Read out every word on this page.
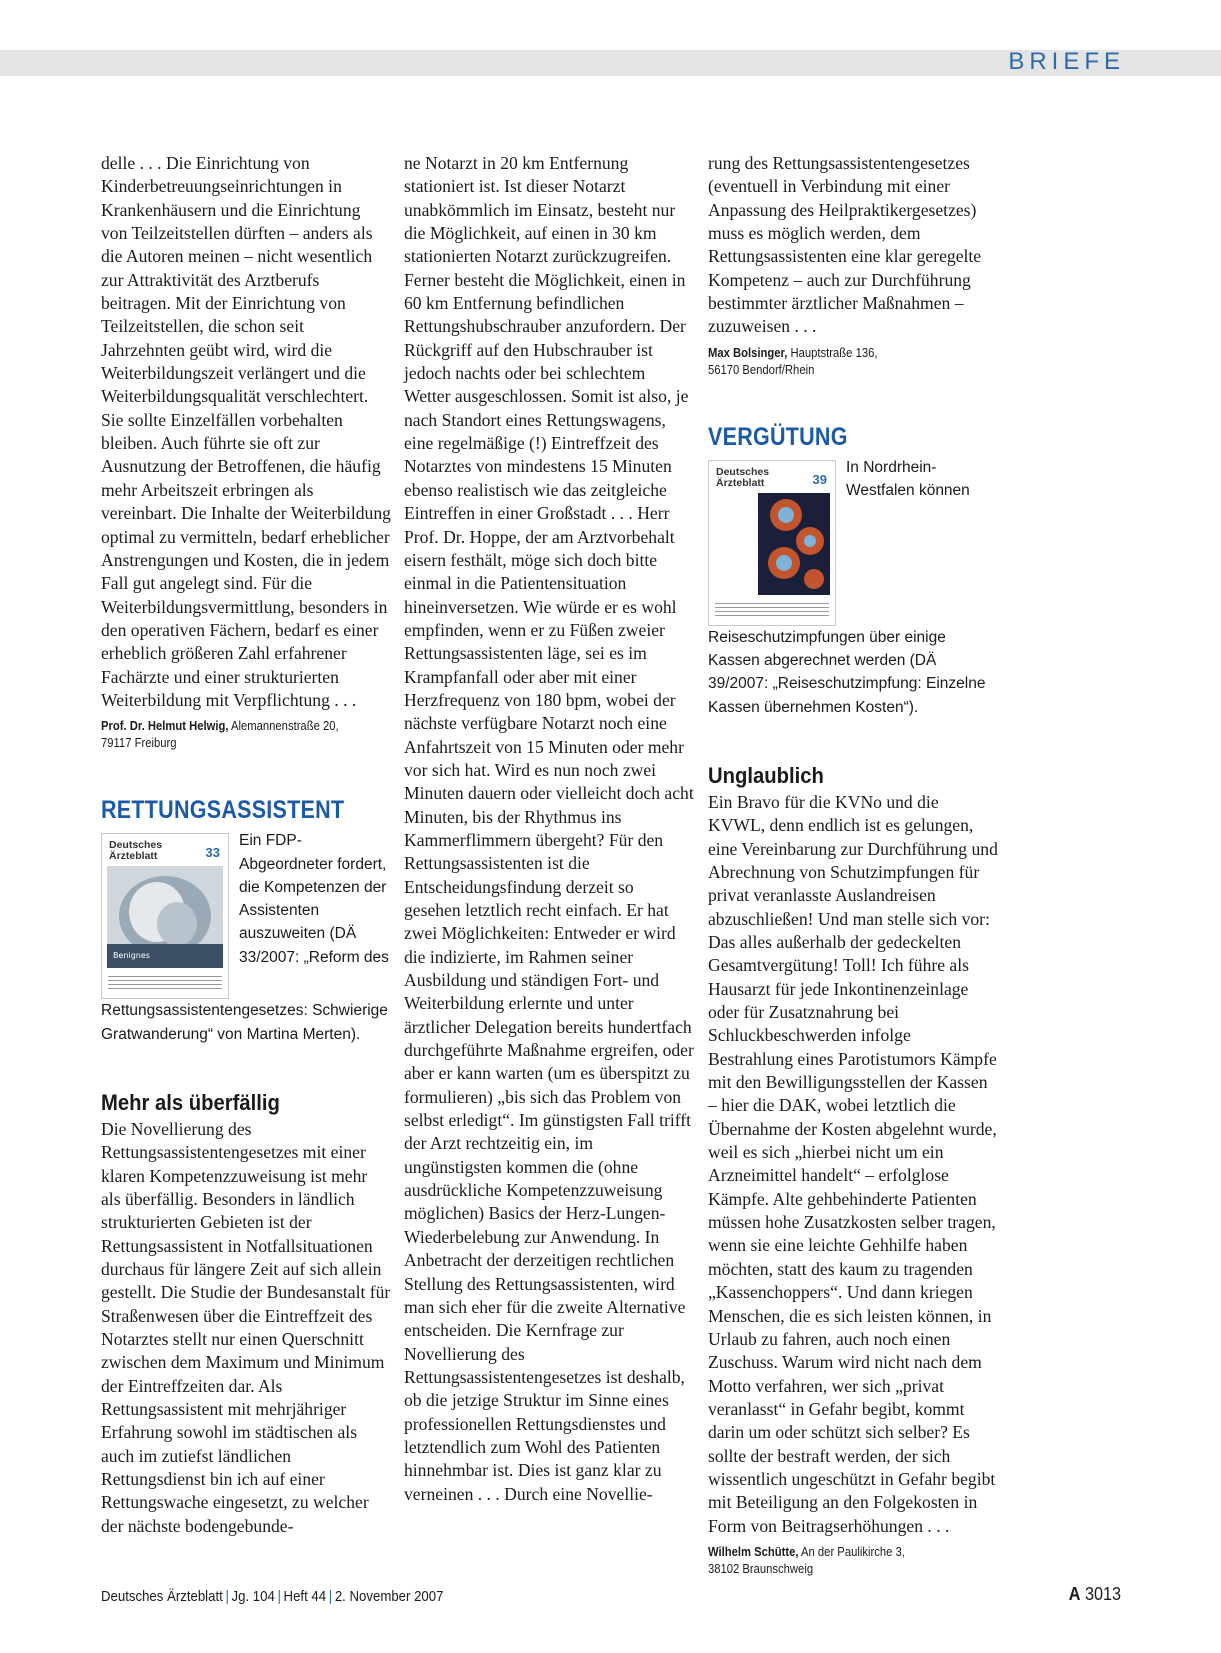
BRIEFE

delle . . . Die Einrichtung von Kinderbetreuungseinrichtungen in Krankenhäusern und die Einrichtung von Teilzeitstellen dürften – anders als die Autoren meinen – nicht wesentlich zur Attraktivität des Arztberufs beitragen. Mit der Einrichtung von Teilzeitstellen, die schon seit Jahrzehnten geübt wird, wird die Weiterbildungszeit verlängert und die Weiterbildungsqualität verschlechtert. Sie sollte Einzelfällen vorbehalten bleiben. Auch führte sie oft zur Ausnutzung der Betroffenen, die häufig mehr Arbeitszeit erbringen als vereinbart. Die Inhalte der Weiterbildung optimal zu vermitteln, bedarf erheblicher Anstrengungen und Kosten, die in jedem Fall gut angelegt sind. Für die Weiterbildungsvermittlung, besonders in den operativen Fächern, bedarf es einer erheblich größeren Zahl erfahrener Fachärzte und einer strukturierten Weiterbildung mit Verpflichtung . . .

Prof. Dr. Helmut Helwig, Alemannenstraße 20,
79117 Freiburg

RETTUNGSASSISTENT
Deutsches Ärzteblatt	33
Benignes
Ein FDP-Abgeordneter fordert, die Kompetenzen der Assistenten auszuweiten (DÄ 33/2007: „Reform des Rettungsassistentengesetzes: Schwierige Gratwanderung“ von Martina Merten).
Mehr als überfällig

Die Novellierung des Rettungsassistentengesetzes mit einer klaren Kompetenzzuweisung ist mehr als überfällig. Besonders in ländlich strukturierten Gebieten ist der Rettungsassistent in Notfallsituationen durchaus für längere Zeit auf sich allein gestellt. Die Studie der Bundesanstalt für Straßenwesen über die Eintreffzeit des Notarztes stellt nur einen Querschnitt zwischen dem Maximum und Minimum der Eintreffzeiten dar. Als Rettungsassistent mit mehrjähriger Erfahrung sowohl im städtischen als auch im zutiefst ländlichen Rettungsdienst bin ich auf einer Rettungswache eingesetzt, zu welcher der nächste bodengebunde-

ne Notarzt in 20 km Entfernung stationiert ist. Ist dieser Notarzt unabkömmlich im Einsatz, besteht nur die Möglichkeit, auf einen in 30 km stationierten Notarzt zurückzugreifen. Ferner besteht die Möglichkeit, einen in 60 km Entfernung befindlichen Rettungshubschrauber anzufordern. Der Rückgriff auf den Hubschrauber ist jedoch nachts oder bei schlechtem Wetter ausgeschlossen. Somit ist also, je nach Standort eines Rettungswagens, eine regelmäßige (!) Eintreffzeit des Notarztes von mindestens 15 Minuten ebenso realistisch wie das zeitgleiche Eintreffen in einer Großstadt . . . Herr Prof. Dr. Hoppe, der am Arztvorbehalt eisern festhält, möge sich doch bitte einmal in die Patientensituation hineinversetzen. Wie würde er es wohl empfinden, wenn er zu Füßen zweier Rettungsassistenten läge, sei es im Krampfanfall oder aber mit einer Herzfrequenz von 180 bpm, wobei der nächste verfügbare Notarzt noch eine Anfahrtszeit von 15 Minuten oder mehr vor sich hat. Wird es nun noch zwei Minuten dauern oder vielleicht doch acht Minuten, bis der Rhythmus ins Kammerflimmern übergeht? Für den Rettungsassistenten ist die Entscheidungsfindung derzeit so gesehen letztlich recht einfach. Er hat zwei Möglichkeiten: Entweder er wird die indizierte, im Rahmen seiner Ausbildung und ständigen Fort- und Weiterbildung erlernte und unter ärztlicher Delegation bereits hundertfach durchgeführte Maßnahme ergreifen, oder aber er kann warten (um es überspitzt zu formulieren) „bis sich das Problem von selbst erledigt“. Im günstigsten Fall trifft der Arzt rechtzeitig ein, im ungünstigsten kommen die (ohne ausdrückliche Kompetenzzuweisung möglichen) Basics der Herz-Lungen-Wiederbelebung zur Anwendung. In Anbetracht der derzeitigen rechtlichen Stellung des Rettungsassistenten, wird man sich eher für die zweite Alternative entscheiden. Die Kernfrage zur Novellierung des Rettungsassistentengesetzes ist deshalb, ob die jetzige Struktur im Sinne eines professionellen Rettungsdienstes und letztendlich zum Wohl des Patienten hinnehmbar ist. Dies ist ganz klar zu verneinen . . . Durch eine Novellie-

rung des Rettungsassistentengesetzes (eventuell in Verbindung mit einer Anpassung des Heilpraktikergesetzes) muss es möglich werden, dem Rettungsassistenten eine klar geregelte Kompetenz – auch zur Durchführung bestimmter ärztlicher Maßnahmen – zuzuweisen . . .

Max Bolsinger, Hauptstraße 136,
56170 Bendorf/Rhein

VERGÜTUNG
Deutsches Ärzteblatt	39
In Nordrhein-Westfalen können Reiseschutzimpfungen über einige Kassen abgerechnet werden (DÄ 39/2007: „Reiseschutzimpfung: Einzelne Kassen übernehmen Kosten“).
Unglaublich

Ein Bravo für die KVNo und die KVWL, denn endlich ist es gelungen, eine Vereinbarung zur Durchführung und Abrechnung von Schutzimpfungen für privat veranlasste Auslandreisen abzuschließen! Und man stelle sich vor: Das alles außerhalb der gedeckelten Gesamtvergütung! Toll! Ich führe als Hausarzt für jede Inkontinenzeinlage oder für Zusatznahrung bei Schluckbeschwerden infolge Bestrahlung eines Parotistumors Kämpfe mit den Bewilligungsstellen der Kassen – hier die DAK, wobei letztlich die Übernahme der Kosten abgelehnt wurde, weil es sich „hierbei nicht um ein Arzneimittel handelt“ – erfolglose Kämpfe. Alte gehbehinderte Patienten müssen hohe Zusatzkosten selber tragen, wenn sie eine leichte Gehhilfe haben möchten, statt des kaum zu tragenden „Kassenchoppers“. Und dann kriegen Menschen, die es sich leisten können, in Urlaub zu fahren, auch noch einen Zuschuss. Warum wird nicht nach dem Motto verfahren, wer sich „privat veranlasst“ in Gefahr begibt, kommt darin um oder schützt sich selber? Es sollte der bestraft werden, der sich wissentlich ungeschützt in Gefahr begibt mit Beteiligung an den Folgekosten in Form von Beitragserhöhungen . . .

Wilhelm Schütte, An der Paulikirche 3,
38102 Braunschweig

Deutsches Ärzteblatt | Jg. 104 | Heft 44 | 2. November 2007	A 3013
